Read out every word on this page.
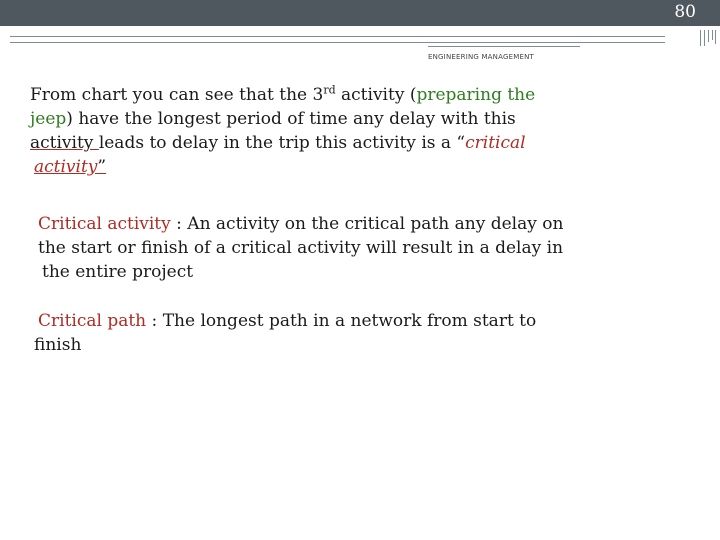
80
ENGINEERING MANAGEMENT
From chart you can see that the 3rd activity (preparing the
jeep) have the longest period of time any delay with this
activity leads to delay in the trip this activity is a “critical
activity”
Critical activity : An activity on the critical path any delay on
the start or finish of a critical activity will result in a delay in
the entire project
Critical path : The longest path in a network from start to
finish
